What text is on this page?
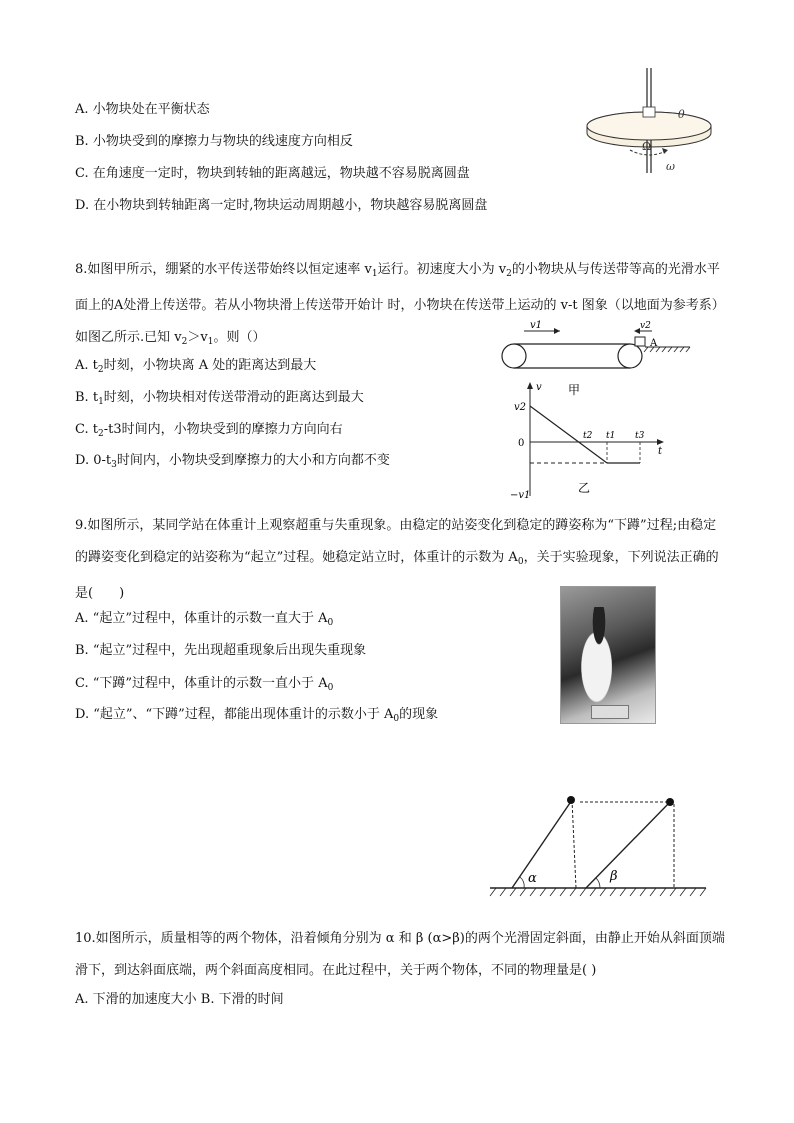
A. 小物块处在平衡状态
B. 小物块受到的摩擦力与物块的线速度方向相反
C. 在角速度一定时，物块到转轴的距离越远，物块越不容易脱离圆盘
D. 在小物块到转轴距离一定时,物块运动周期越小，物块越容易脱离圆盘
Ω
θ
ω
8.如图甲所示，绷紧的水平传送带始终以恒定速率 $v_1$运行。初速度大小为 $v_2$的小物块从与传送带等高的光滑水平面上的A处滑上传送带。若从小物块滑上传送带开始计 时，小物块在传送带上运动的 v-t 图象（以地面为参考系） 如图乙所示.已知 $v_2>v_1$。则（）
A. $t_2$时刻，小物块离 A 处的距离达到最大
B. $t_1$时刻，小物块相对传送带滑动的距离达到最大
C. $t_2-t3$时间内，小物块受到的摩擦力方向向右
D. $0-t_3$时间内，小物块受到摩擦力的大小和方向都不变
v1	v2
A
甲
v
t
v2
0
t2 t1 t3
乙
−v1
9.如图所示，某同学站在体重计上观察超重与失重现象。由稳定的站姿变化到稳定的蹲姿称为“下蹲”过程;由稳定的蹲姿变化到稳定的站姿称为“起立”过程。她稳定站立时，体重计的示数为 $A_0$，关于实验现象，下列说法正确的是(　　)
A. “起立”过程中，体重计的示数一直大于 $A_0$
B. “起立”过程中，先出现超重现象后出现失重现象
C. “下蹲”过程中，体重计的示数一直小于 $A_0$
D. “起立”、“下蹲”过程，都能出现体重计的示数小于 $A_0$的现象
α	β
10.如图所示，质量相等的两个物体，沿着倾角分别为 α 和 β (α>β)的两个光滑固定斜面，由静止开始从斜面顶端滑下，到达斜面底端，两个斜面高度相同。在此过程中，关于两个物体，不同的物理量是( )
A. 下滑的加速度大小 B. 下滑的时间
